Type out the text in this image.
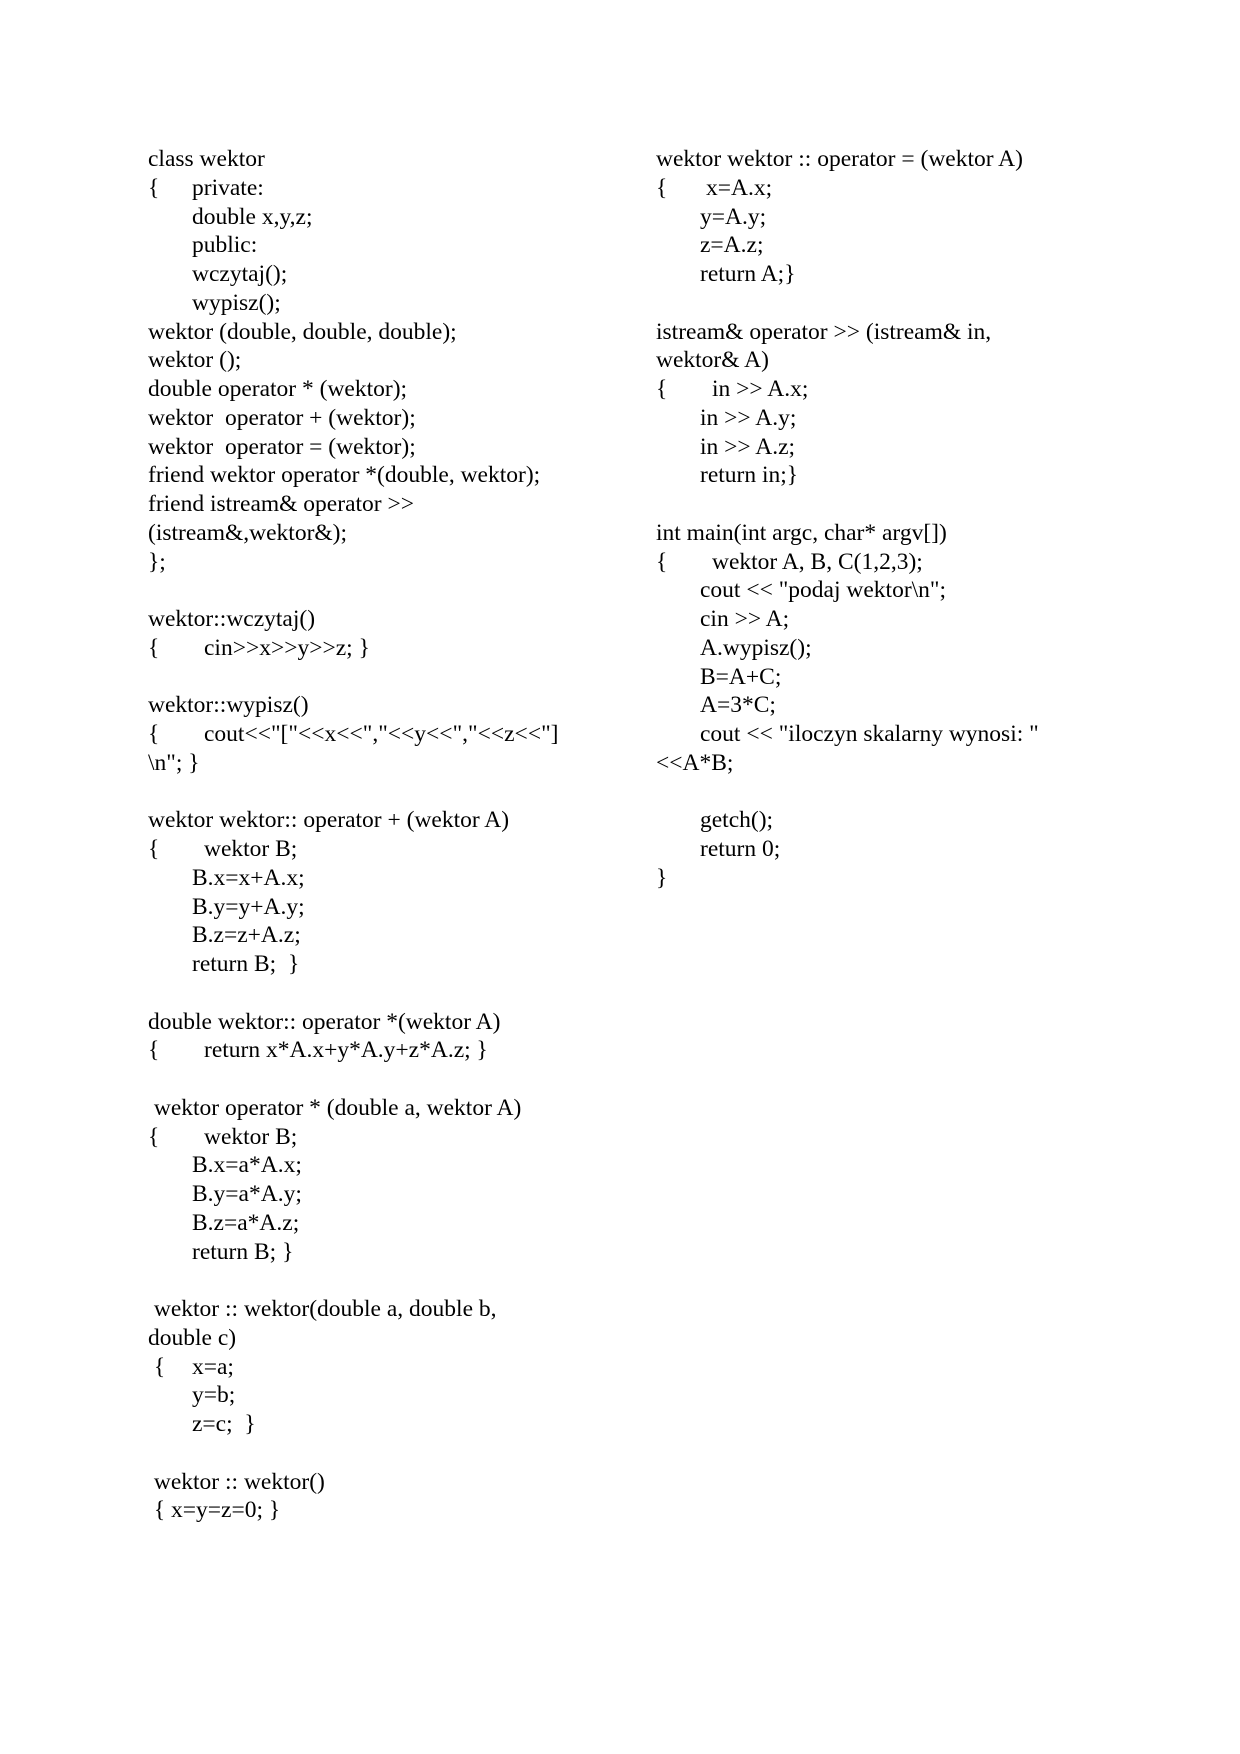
class wektor
{ private:
double x,y,z;
public:
wczytaj();
wypisz();
wektor (double, double, double);
wektor ();
double operator * (wektor);
wektor  operator + (wektor);
wektor  operator = (wektor);
friend wektor operator *(double, wektor);
friend istream& operator >>
(istream&,wektor&);
};
wektor::wczytaj()
{ cin>>x>>y>>z; }
wektor::wypisz()
{ cout<<"["<<x<<","<<y<<","<<z<<"]
\n"; }
wektor wektor:: operator + (wektor A)
{ wektor B;
B.x=x+A.x;
B.y=y+A.y;
B.z=z+A.z;
return B;  }
double wektor:: operator *(wektor A)
{ return x*A.x+y*A.y+z*A.z; }
wektor operator * (double a, wektor A)
{ wektor B;
B.x=a*A.x;
B.y=a*A.y;
B.z=a*A.z;
return B; }
wektor :: wektor(double a, double b,
double c)
{ x=a;
y=b;
z=c;  }
wektor :: wektor()
{ x=y=z=0; }
wektor wektor :: operator = (wektor A)
{ x=A.x;
y=A.y;
z=A.z;
return A;}
istream& operator >> (istream& in,
wektor& A)
{ in >> A.x;
in >> A.y;
in >> A.z;
return in;}
int main(int argc, char* argv[])
{ wektor A, B, C(1,2,3);
cout << "podaj wektor\n";
cin >> A;
A.wypisz();
B=A+C;
A=3*C;
cout << "iloczyn skalarny wynosi: "
<<A*B;
getch();
return 0;
}
